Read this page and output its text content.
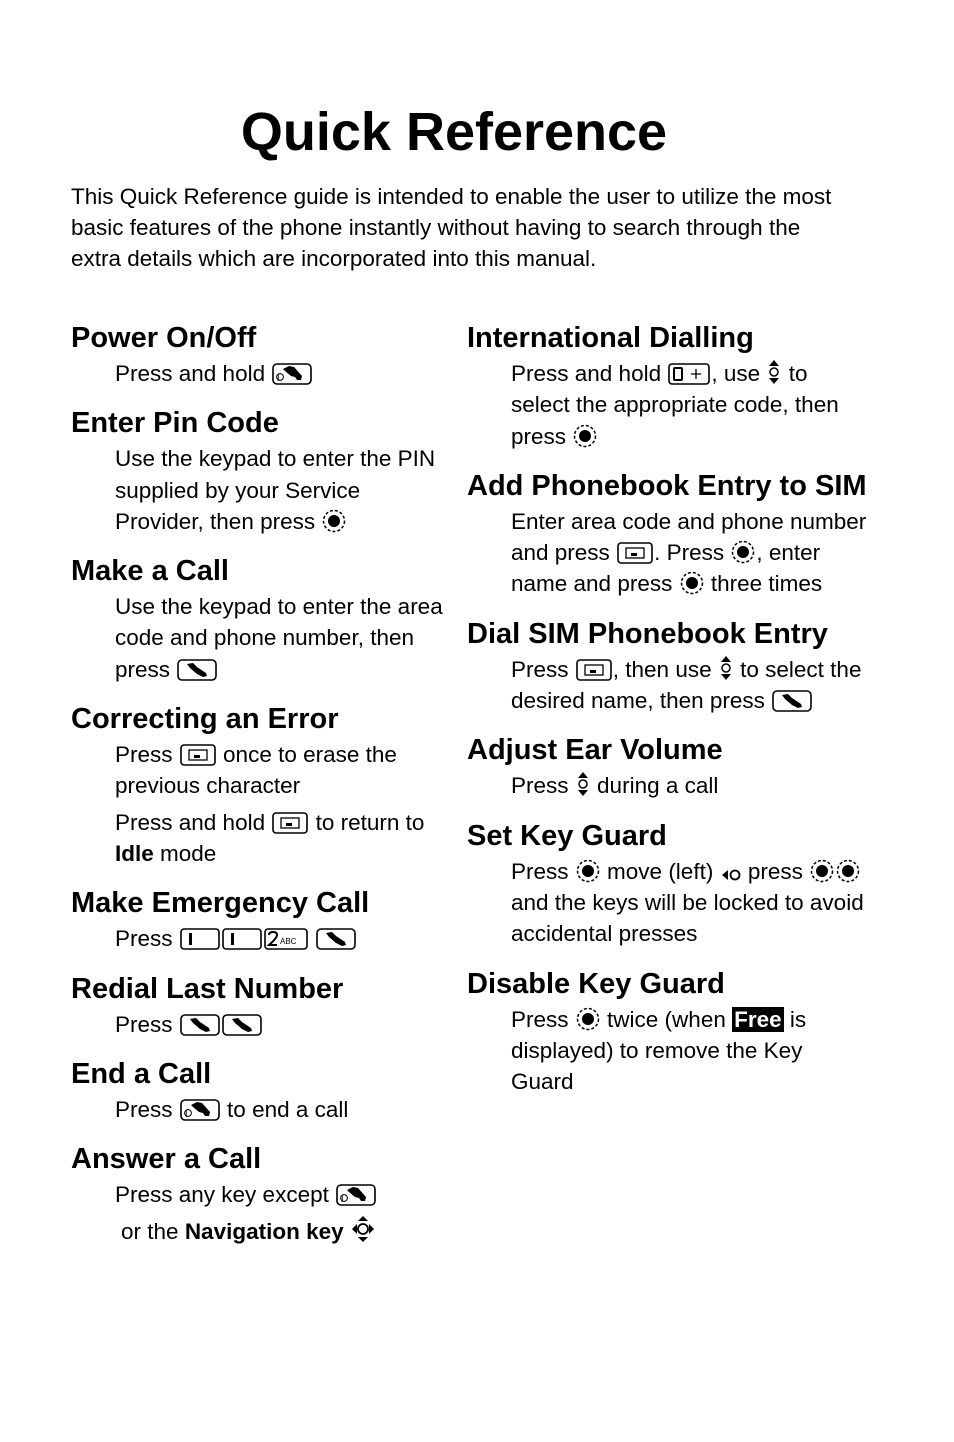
Quick Reference

This Quick Reference guide is intended to enable the user to utilize the most basic features of the phone instantly without having to search through the extra details which are incorporated into this manual.

Power On/Off

Press and hold

Enter Pin Code

Use the keypad to enter the PIN supplied by your Service Provider, then press

Make a Call

Use the keypad to enter the area code and phone number, then press

Correcting an Error

Press once to erase the previous character

Press and hold to return to Idle mode

Make Emergency Call

Press	ABC

Redial Last Number

Press

End a Call

Press to end a call

Answer a Call

Press any key except

or the Navigation key

International Dialling

Press and hold , use to select the appropriate code, then press

Add Phonebook Entry to SIM

Enter area code and phone number and press . Press , enter name and press three times

Dial SIM Phonebook Entry

Press , then use to select the desired name, then press

Adjust Ear Volume

Press during a call

Set Key Guard

Press move (left) press
and the keys will be locked to avoid accidental presses

Disable Key Guard

Press twice (when Free is displayed) to remove the Key Guard
